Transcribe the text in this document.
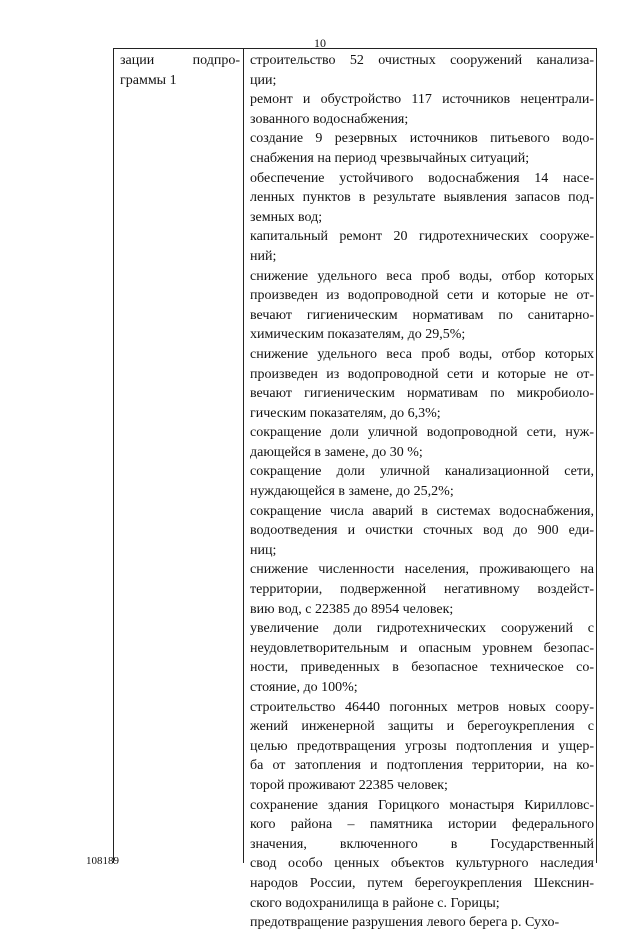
10
зации	подпро-
граммы 1
строительство 52 очистных сооружений канализа-
ции;
ремонт и обустройство 117 источников нецентрали-
зованного водоснабжения;
создание 9 резервных источников питьевого водо-
снабжения на период чрезвычайных ситуаций;
обеспечение устойчивого водоснабжения 14 насе-
ленных пунктов в результате выявления запасов под-
земных вод;
капитальный ремонт 20 гидротехнических сооруже-
ний;
снижение удельного веса проб воды, отбор которых
произведен из водопроводной сети и которые не от-
вечают гигиеническим нормативам по санитарно-
химическим показателям, до 29,5%;
снижение удельного веса проб воды, отбор которых
произведен из водопроводной сети и которые не от-
вечают гигиеническим нормативам по микробиоло-
гическим показателям, до 6,3%;
сокращение доли уличной водопроводной сети, нуж-
дающейся в замене, до 30 %;
сокращение доли уличной канализационной сети,
нуждающейся в замене, до 25,2%;
сокращение числа аварий в системах водоснабжения,
водоотведения и очистки сточных вод до 900 еди-
ниц;
снижение численности населения, проживающего на
территории, подверженной негативному воздейст-
вию вод, с 22385 до 8954 человек;
увеличение доли гидротехнических сооружений с
неудовлетворительным и опасным уровнем безопас-
ности, приведенных в безопасное техническое со-
стояние, до 100%;
строительство 46440 погонных метров новых соору-
жений инженерной защиты и берегоукрепления с
целью предотвращения угрозы подтопления и ущер-
ба от затопления и подтопления территории, на ко-
торой проживают 22385 человек;
сохранение здания Горицкого монастыря Кирилловс-
кого района – памятника истории федерального
значения, включенного в Государственный
свод особо ценных объектов культурного наследия
народов России, путем берегоукрепления Шекснин-
ского водохранилища в районе с. Горицы;
предотвращение разрушения левого берега р. Сухо-
108189
